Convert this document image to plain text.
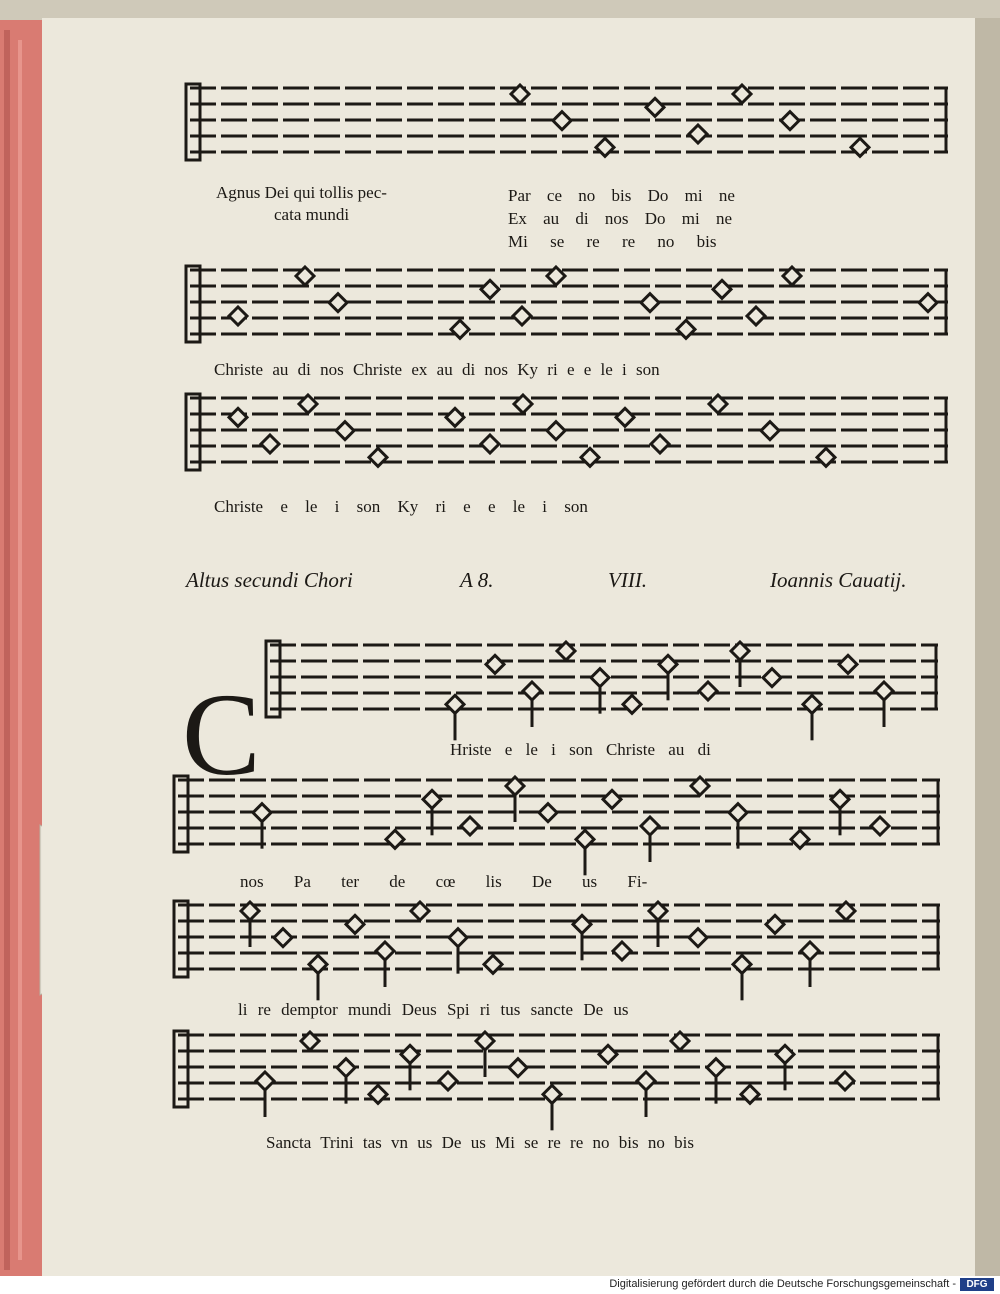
Agnus Dei qui tollis pec-
cata mundi
Par ce no bis Do mi ne
Ex au di nos Do mi ne
Mi se re re no bis
Christe au di nos Christe ex au di nos Ky ri e e le i son
Christe e le i son Ky ri e e le i son
Altus secundi Chori	A 8.	VIII.	Ioannis Cauatij.
C	Hriste e le i son Christe au di
nos Pa ter de cœ lis De us Fi-
li re demptor mundi Deus Spi ri tus sancte De us
Sancta Trini tas vn us De us Mi se re re no bis no bis
Digitalisierung gefördert durch die Deutsche Forschungsgemeinschaft -	DFG
